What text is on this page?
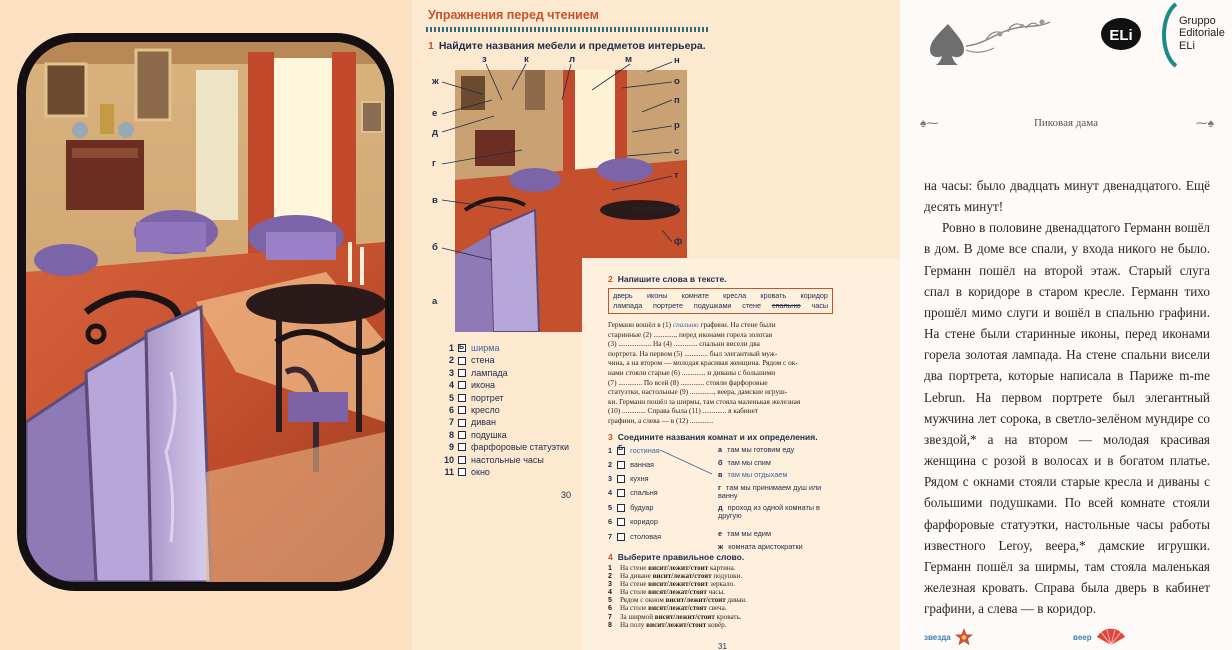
Упражнения перед чтением
1 Найдите названия мебели и предметов интерьера.
з	к	л	м
ж
е
д
г
в
б
а
н
о
п
р
с
т
у
ф
1 Б ширма
2 стена
3 лампада
4 икона
5 портрет
6 кресло
7 диван
8 подушка
9 фарфоровые статуэтки
10 настольные часы
11 окно
30
2 Напишите слова в тексте.
дверь иконы комнате кресла кровать коридор
лампада портрете подушками стене спальню часы
Германн вошёл в (1) спальню графини. На стене были
старинные (2) ............, перед иконами горела золотая
(3) .................. На (4) ............. спальни висели два
портрета. На первом (5) ............. был элегантный муж-
чина, а на втором — молодая красивая женщина. Рядом с ок-
нами стояли старые (6) ............. и диваны с большими
(7) ............. По всей (8) ............. стояли фарфоровые
статуэтки, настольные (9) ............., веера, дамские игруш-
ки. Германн пошёл за ширмы, там стояла маленькая железная
(10) ............. Справа была (11) ............. в кабинет
графини, а слева — в (12) .............
3 Соедините названия комнат и их определения.
1 Б гостиная
2 ванная
3 кухня
4 спальня
5 будуар
6 коридор
7 столовая
а там мы готовим еду
б там мы спим
в там мы отдыхаем
г там мы принимаем душ или ванну
д проход из одной комнаты в другую
е там мы едим
ж комната аристократки
4 Выберите правильное слово.
1	На стене висит/лежит/стоит картина.
2	На диване висит/лежат/стоят подушки.
3	На стене висит/лежит/стоит зеркало.
4	На столе висят/лежат/стоят часы.
5	Рядом с окном висит/лежит/стоит диван.
6	На столе висят/лежат/стоят свеча.
7	За ширмой висит/лежит/стоит кровать.
8	На полу висит/лежит/стоит ковёр.
31
ELi
Gruppo
Editoriale
ELi
♠⁓	Пиковая дама	⁓♠

на часы: было двадцать минут двенадцатого. Ещё десять минут!

Ровно в половине двенадцатого Германн вошёл в дом. В доме все спали, у входа никого не было. Германн пошёл на второй этаж. Старый слуга спал в коридоре в старом кресле. Германн тихо прошёл мимо слуги и вошёл в спальню графини. На стене были старинные иконы, перед иконами горела золотая лампада. На стене спальни висели два портрета, которые написала в Париже m-me Lebrun. На первом портрете был элегантный мужчина лет сорока, в светло-зелёном мундире со звездой,* а на втором — молодая красивая женщина с розой в волосах и в богатом платье. Рядом с окнами стояли старые кресла и диваны с большими подушками. По всей комнате стояли фарфоровые статуэтки, настольные часы работы известного Leroy, веера,* дамские игрушки. Германн пошёл за ширмы, там стояла маленькая железная кровать. Справа была дверь в кабинет графини, а слева — в коридор.

звезда	веер
